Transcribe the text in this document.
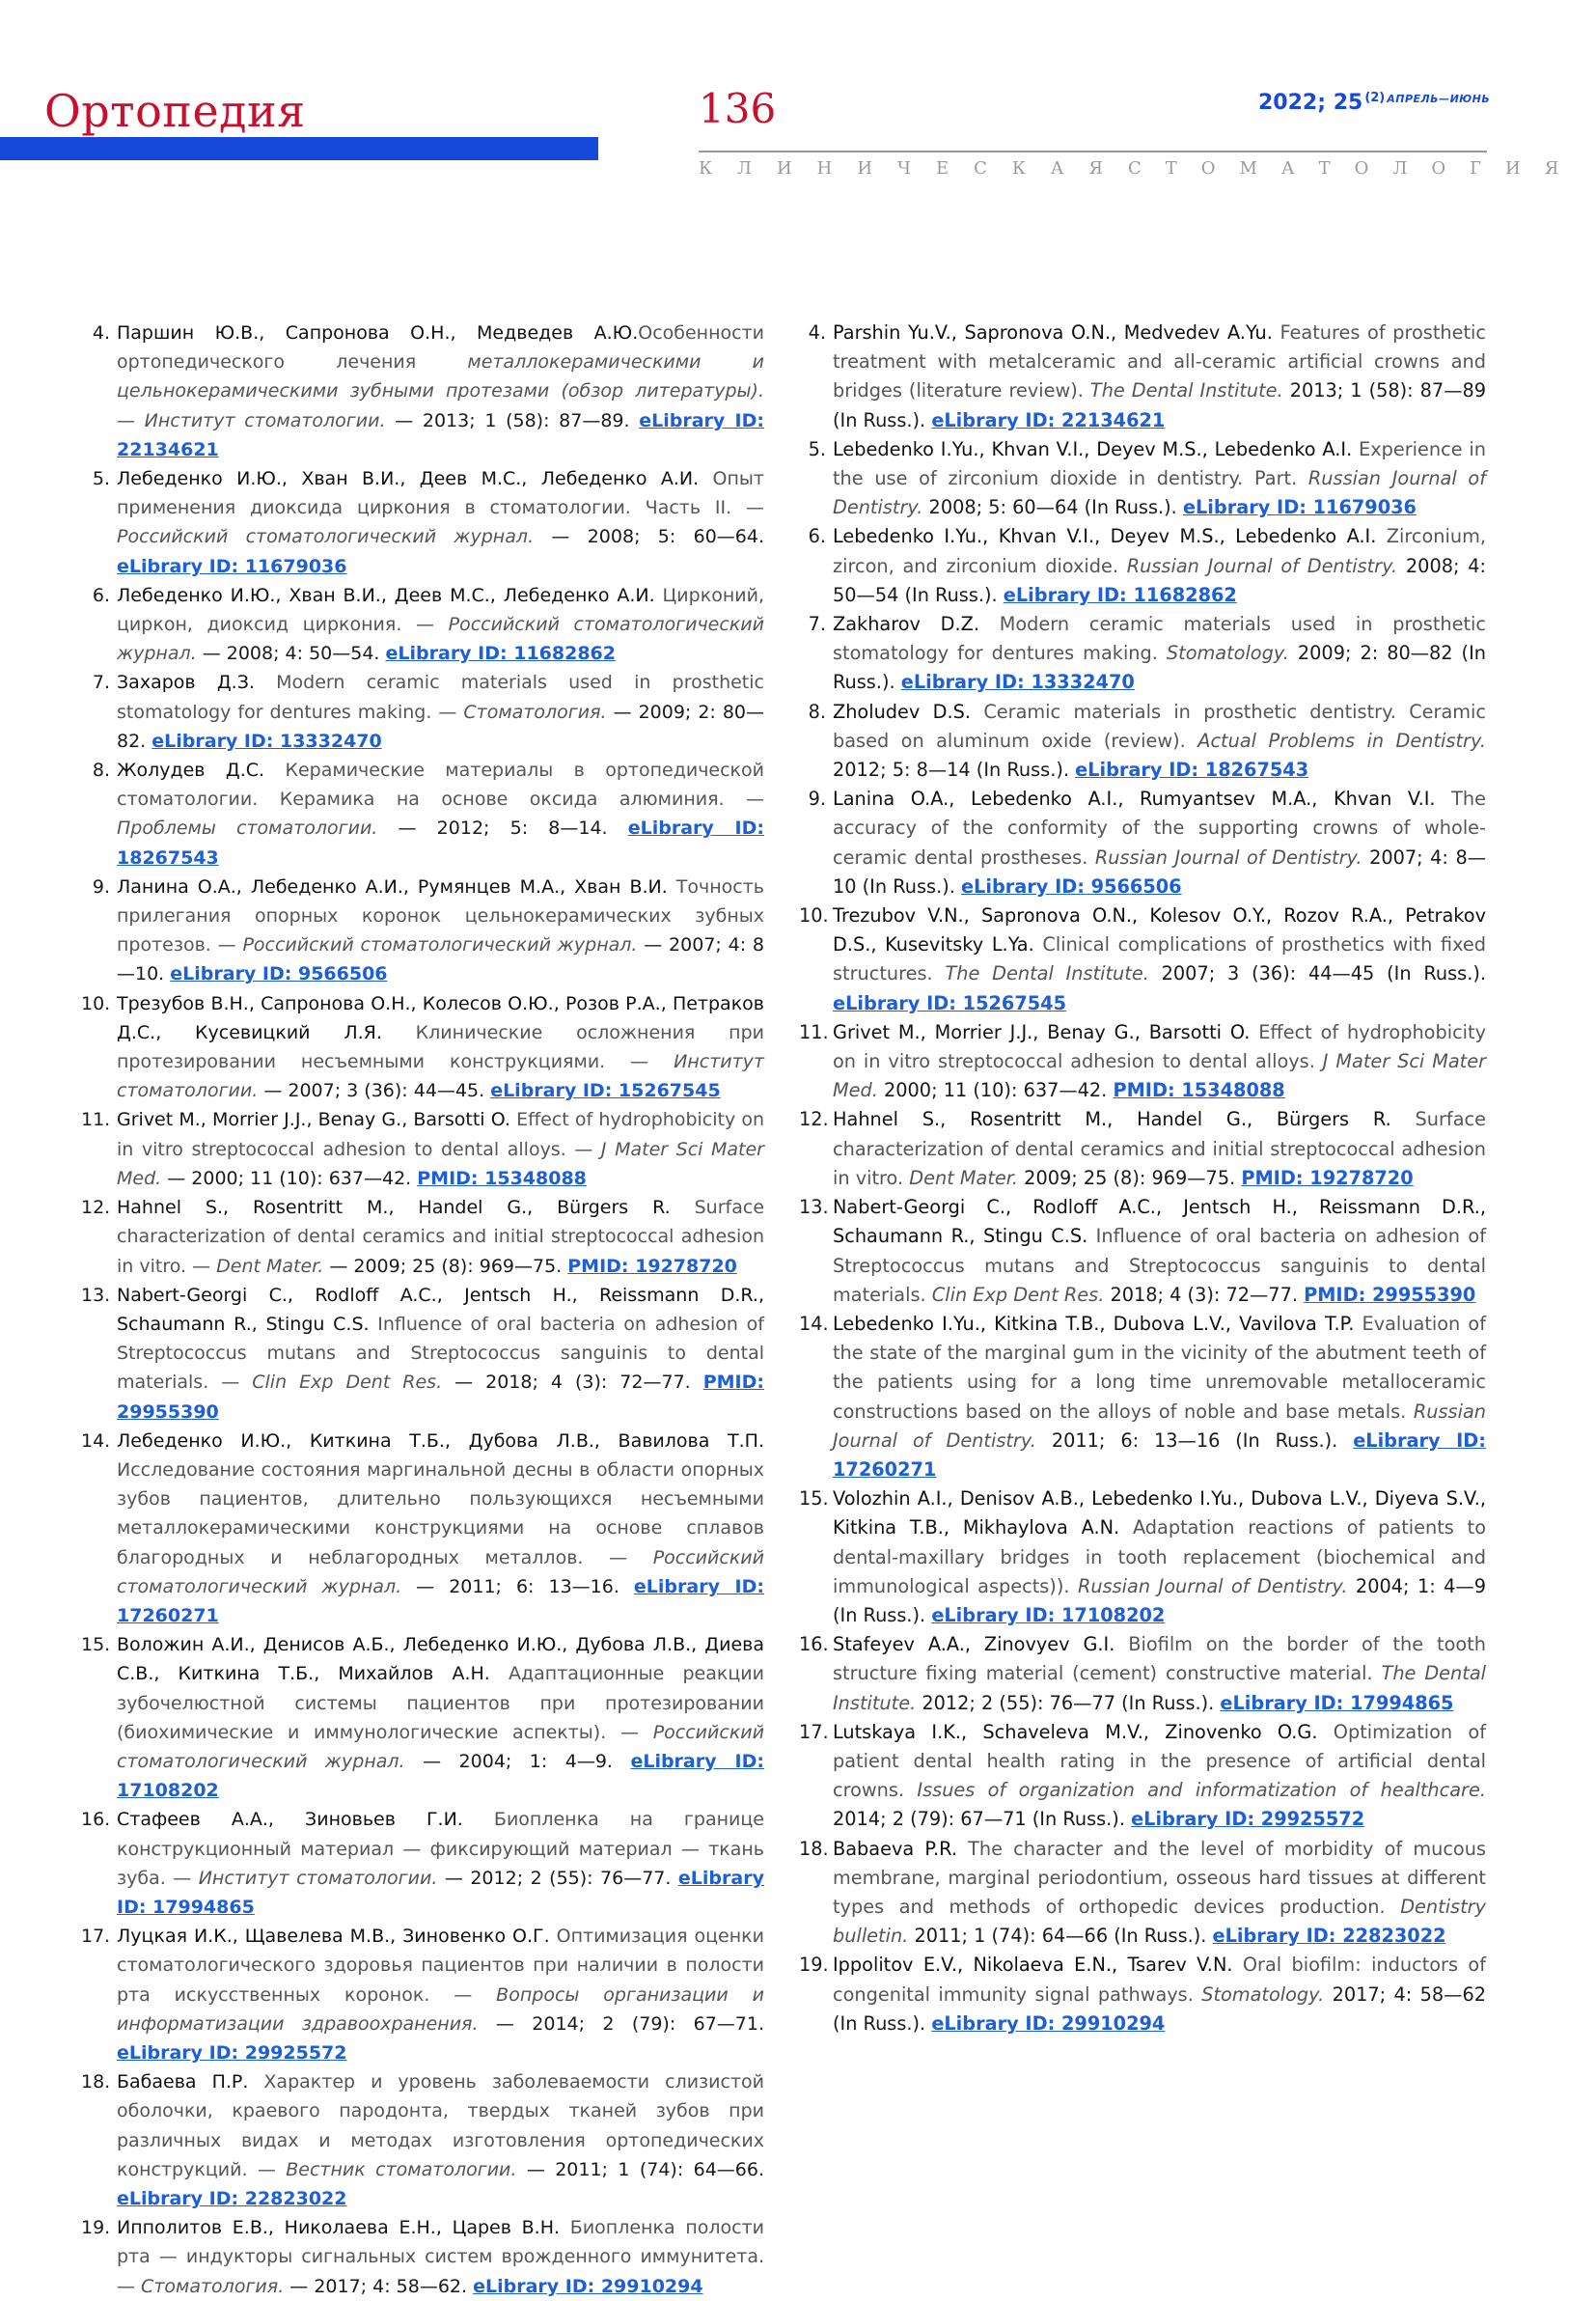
Ортопедия	136	2022; 25 $^{(2)}$ $^{АПРЕЛЬ—ИЮНЬ}$
КЛИНИЧЕСКАЯ СТОМАТОЛОГИЯ
4. Паршин Ю.В., Сапронова О.Н., Медведев А.Ю.Особенности ортопедического лечения металлокерамическими и цельнокерамическими зубными протезами (обзор литературы). — Институт стоматологии. — 2013; 1 (58): 87—89. eLibrary ID: 22134621
5. Лебеденко И.Ю., Хван В.И., Деев М.С., Лебеденко А.И. Опыт применения диоксида циркония в стоматологии. Часть II. — Российский стоматологический журнал. — 2008; 5: 60—64. eLibrary ID: 11679036
6. Лебеденко И.Ю., Хван В.И., Деев М.С., Лебеденко А.И. Цирконий, циркон, диоксид циркония. — Российский стоматологический журнал. — 2008; 4: 50—54. eLibrary ID: 11682862
7. Захаров Д.З. Modern ceramic materials used in prosthetic stomatology for dentures making. — Стоматология. — 2009; 2: 80—82. eLibrary ID: 13332470
8. Жолудев Д.С. Керамические материалы в ортопедической стоматологии. Керамика на основе оксида алюминия. — Проблемы стоматологии. — 2012; 5: 8—14. eLibrary ID: 18267543
9. Ланина О.А., Лебеденко А.И., Румянцев М.А., Хван В.И. Точность прилегания опорных коронок цельнокерамических зубных протезов. — Российский стоматологический журнал. — 2007; 4: 8—10. eLibrary ID: 9566506
10. Трезубов В.Н., Сапронова О.Н., Колесов О.Ю., Розов Р.А., Петраков Д.С., Кусевицкий Л.Я. Клинические осложнения при протезировании несъемными конструкциями. — Институт стоматологии. — 2007; 3 (36): 44—45. eLibrary ID: 15267545
11. Grivet M., Morrier J.J., Benay G., Barsotti O. Effect of hydrophobicity on in vitro streptococcal adhesion to dental alloys. — J Mater Sci Mater Med. — 2000; 11 (10): 637—42. PMID: 15348088
12. Hahnel S., Rosentritt M., Handel G., Bürgers R. Surface characterization of dental ceramics and initial streptococcal adhesion in vitro. — Dent Mater. — 2009; 25 (8): 969—75. PMID: 19278720
13. Nabert-Georgi C., Rodloff A.C., Jentsch H., Reissmann D.R., Schaumann R., Stingu C.S. Influence of oral bacteria on adhesion of Streptococcus mutans and Streptococcus sanguinis to dental materials. — Clin Exp Dent Res. — 2018; 4 (3): 72—77. PMID: 29955390
14. Лебеденко И.Ю., Киткина Т.Б., Дубова Л.В., Вавилова Т.П. Исследование состояния маргинальной десны в области опорных зубов пациентов, длительно пользующихся несъемными металлокерамическими конструкциями на основе сплавов благородных и неблагородных металлов. — Российский стоматологический журнал. — 2011; 6: 13—16. eLibrary ID: 17260271
15. Воложин А.И., Денисов А.Б., Лебеденко И.Ю., Дубова Л.В., Диева С.В., Киткина Т.Б., Михайлов А.Н. Адаптационные реакции зубочелюстной системы пациентов при протезировании (биохимические и иммунологические аспекты). — Российский стоматологический журнал. — 2004; 1: 4—9. eLibrary ID: 17108202
16. Стафеев А.А., Зиновьев Г.И. Биопленка на границе конструкционный материал — фиксирующий материал — ткань зуба. — Институт стоматологии. — 2012; 2 (55): 76—77. eLibrary ID: 17994865
17. Луцкая И.К., Щавелева М.В., Зиновенко О.Г. Оптимизация оценки стоматологического здоровья пациентов при наличии в полости рта искусственных коронок. — Вопросы организации и информатизации здравоохранения. — 2014; 2 (79): 67—71. eLibrary ID: 29925572
18. Бабаева П.Р. Характер и уровень заболеваемости слизистой оболочки, краевого пародонта, твердых тканей зубов при различных видах и методах изготовления ортопедических конструкций. — Вестник стоматологии. — 2011; 1 (74): 64—66. eLibrary ID: 22823022
19. Ипполитов Е.В., Николаева Е.Н., Царев В.Н. Биопленка полости рта — индукторы сигнальных систем врожденного иммунитета. — Стоматология. — 2017; 4: 58—62. eLibrary ID: 29910294
4. Parshin Yu.V., Sapronova O.N., Medvedev A.Yu. Features of prosthetic treatment with metalceramic and all-ceramic artificial crowns and bridges (literature review). The Dental Institute. 2013; 1 (58): 87—89 (In Russ.). eLibrary ID: 22134621
5. Lebedenko I.Yu., Khvan V.I., Deyev M.S., Lebedenko A.I. Experience in the use of zirconium dioxide in dentistry. Part. Russian Journal of Dentistry. 2008; 5: 60—64 (In Russ.). eLibrary ID: 11679036
6. Lebedenko I.Yu., Khvan V.I., Deyev M.S., Lebedenko A.I. Zirconium, zircon, and zirconium dioxide. Russian Journal of Dentistry. 2008; 4: 50—54 (In Russ.). eLibrary ID: 11682862
7. Zakharov D.Z. Modern ceramic materials used in prosthetic stomatology for dentures making. Stomatology. 2009; 2: 80—82 (In Russ.). eLibrary ID: 13332470
8. Zholudev D.S. Ceramic materials in prosthetic dentistry. Ceramic based on aluminum oxide (review). Actual Problems in Dentistry. 2012; 5: 8—14 (In Russ.). eLibrary ID: 18267543
9. Lanina O.A., Lebedenko A.I., Rumyantsev M.A., Khvan V.I. The accuracy of the conformity of the supporting crowns of whole-ceramic dental prostheses. Russian Journal of Dentistry. 2007; 4: 8—10 (In Russ.). eLibrary ID: 9566506
10. Trezubov V.N., Sapronova O.N., Kolesov O.Y., Rozov R.A., Petrakov D.S., Kusevitsky L.Ya. Clinical complications of prosthetics with fixed structures. The Dental Institute. 2007; 3 (36): 44—45 (In Russ.). eLibrary ID: 15267545
11. Grivet M., Morrier J.J., Benay G., Barsotti O. Effect of hydrophobicity on in vitro streptococcal adhesion to dental alloys. J Mater Sci Mater Med. 2000; 11 (10): 637—42. PMID: 15348088
12. Hahnel S., Rosentritt M., Handel G., Bürgers R. Surface characterization of dental ceramics and initial streptococcal adhesion in vitro. Dent Mater. 2009; 25 (8): 969—75. PMID: 19278720
13. Nabert-Georgi C., Rodloff A.C., Jentsch H., Reissmann D.R., Schaumann R., Stingu C.S. Influence of oral bacteria on adhesion of Streptococcus mutans and Streptococcus sanguinis to dental materials. Clin Exp Dent Res. 2018; 4 (3): 72—77. PMID: 29955390
14. Lebedenko I.Yu., Kitkina T.B., Dubova L.V., Vavilova T.P. Evaluation of the state of the marginal gum in the vicinity of the abutment teeth of the patients using for a long time unremovable metalloceramic constructions based on the alloys of noble and base metals. Russian Journal of Dentistry. 2011; 6: 13—16 (In Russ.). eLibrary ID: 17260271
15. Volozhin A.I., Denisov A.B., Lebedenko I.Yu., Dubova L.V., Diyeva S.V., Kitkina T.B., Mikhaylova A.N. Adaptation reactions of patients to dental-maxillary bridges in tooth replacement (biochemical and immunological aspects)). Russian Journal of Dentistry. 2004; 1: 4—9 (In Russ.). eLibrary ID: 17108202
16. Stafeyev A.A., Zinovyev G.I. Biofilm on the border of the tooth structure fixing material (cement) constructive material. The Dental Institute. 2012; 2 (55): 76—77 (In Russ.). eLibrary ID: 17994865
17. Lutskaya I.K., Schaveleva M.V., Zinovenko O.G. Optimization of patient dental health rating in the presence of artificial dental crowns. Issues of organization and informatization of healthcare. 2014; 2 (79): 67—71 (In Russ.). eLibrary ID: 29925572
18. Babaeva P.R. The character and the level of morbidity of mucous membrane, marginal periodontium, osseous hard tissues at different types and methods of orthopedic devices production. Dentistry bulletin. 2011; 1 (74): 64—66 (In Russ.). eLibrary ID: 22823022
19. Ippolitov E.V., Nikolaeva E.N., Tsarev V.N. Oral biofilm: inductors of congenital immunity signal pathways. Stomatology. 2017; 4: 58—62 (In Russ.). eLibrary ID: 29910294
